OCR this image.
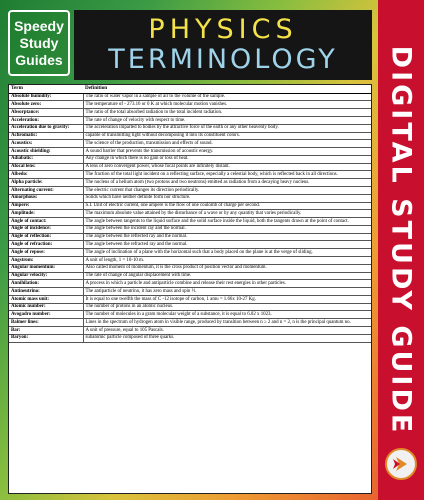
Speedy
Study
Guides
PHYSICS
TERMINOLOGY
Term	Definition
Absolute humidity:	The ratio of water vapor in a sample of air to the volume of the sample.
Absolute zero:	The temperature of - 273.16 or 0 K at which molecular motion vanishes.
Absorptance:	The ratio of the total absorbed radiation to the total incident radiation.
Acceleration:	The rate of change of velocity with respect to time.
Acceleration due to gravity:	The acceleration imparted to bodies by the attractive force of the earth or any other heavenly body.
Achromatic:	capable of transmitting light without decomposing it into its constituent colors.
Acoustics:	The science of the production, transmission and effects of sound.
Acoustic shielding:	A sound barrier that prevents the transmission of acoustic energy.
Adiabatic:	Any change in which there is no gain or loss of heat.
Afocal lens:	A lens of zero convergent power, whose focal points are infinitely distant.
Albedo:	The fraction of the total light incident on a reflecting surface, especially a celestial body, which is reflected back in all directions.
Alpha particle:	The nucleus of a helium atom (two protons and two neutrons) emitted as radiation from a decaying heavy nucleus.
Alternating current:	The electric current that changes its direction periodically.
Amorphous:	Solids which have neither definite form nor structure.
Ampere:	S.I. Unit of electric current, one ampere is the flow of one coulomb of charge per second.
Amplitude:	The maximum absolute value attained by the disturbance of a wave or by any quantity that varies periodically.
Angle of contact:	The angle between tangents to the liquid surface and the solid surface inside the liquid, both the tangents drawn at the point of contact.
Angle of incidence:	The angle between the incident ray and the normal.
Angle of reflection:	The angle between the reflected ray and the normal.
Angle of refraction:	The angle between the refracted ray and the normal.
Angle of repose:	The angle of inclination of a plane with the horizontal such that a body placed on the plane is at the verge of sliding.
Angstrom:	A unit of length, 1 = 10-10 m.
Angular momentum:	Also called moment of momentum, it is the cross product of position vector and momentum.
Angular velocity:	The rate of change of angular displacement with time.
Annihilation:	A process in which a particle and antiparticle combine and release their rest energies in other particles.
Antineutrino:	The antiparticle of neutrino, it has zero mass and spin ½.
Atomic mass unit:	It is equal to one twelfth the mass of C -12 isotope of carbon, 1 amu = 1.66x 10-27 Kg.
Atomic number:	The number of protons in an atomic nucleus.
Avogadro number:	The number of molecules in a gram molecular weight of a substance, it is equal to 6.02 x 1023.
Balmer lines:	Lines in the spectrum of hydrogen atom in visible range, produced by transition between n ≥ 2 and n = 2, n is the principal quantum no.
Bar:	A unit of pressure, equal to 105 Pascals.
Baryon:	subatomic particle composed of three quarks.	DIGITAL STUDY GUIDE
